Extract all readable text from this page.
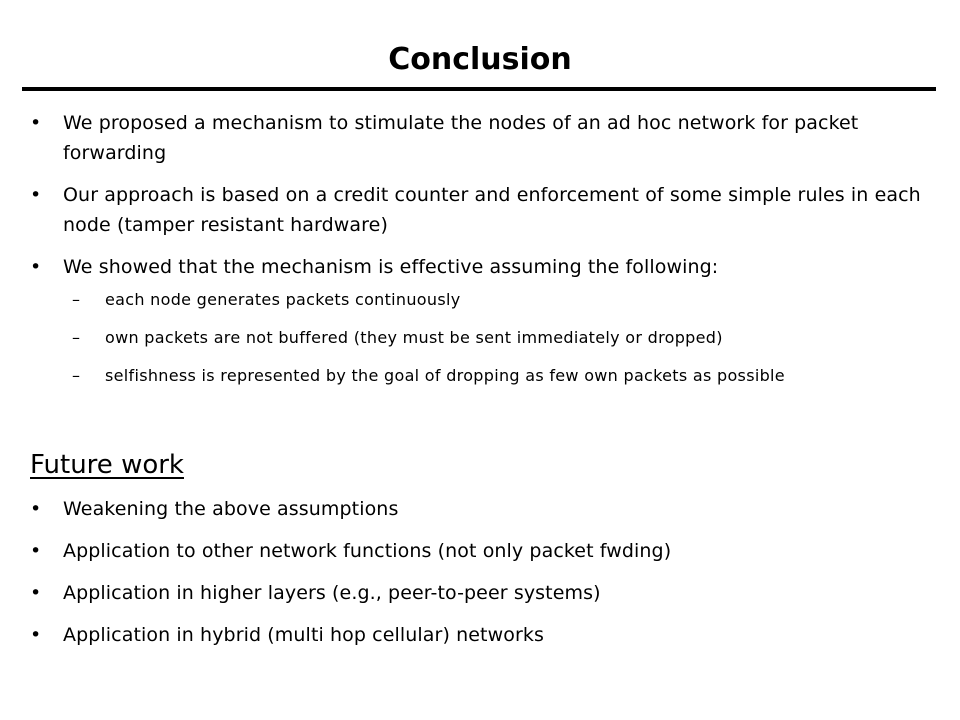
Conclusion
• We proposed a mechanism to stimulate the nodes of an ad hoc network for packet forwarding
• Our approach is based on a credit counter and enforcement of some simple rules in each node (tamper resistant hardware)
• We showed that the mechanism is effective assuming the following:
– each node generates packets continuously
– own packets are not buffered (they must be sent immediately or dropped)
– selfishness is represented by the goal of dropping as few own packets as possible
Future work
• Weakening the above assumptions
• Application to other network functions (not only packet fwding)
• Application in higher layers (e.g., peer-to-peer systems)
• Application in hybrid (multi hop cellular) networks
